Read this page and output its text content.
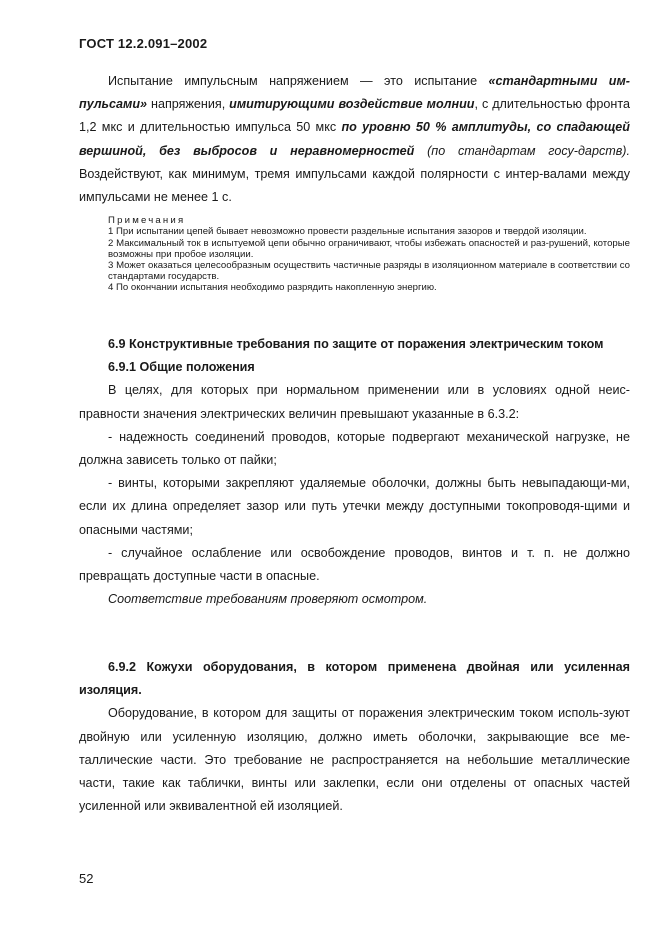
ГОСТ 12.2.091–2002

Испытание импульсным напряжением — это испытание «стандартными им-пульсами» напряжения, имитирующими воздействие молнии, с длительностью фронта 1,2 мкс и длительностью импульса 50 мкс по уровню 50 % амплитуды, со спадающей вершиной, без выбросов и неравномерностей (по стандартам госу-дарств). Воздействуют, как минимум, тремя импульсами каждой полярности с интер-валами между импульсами не менее 1 с.

Примечания

1 При испытании цепей бывает невозможно провести раздельные испытания зазоров и твердой изоляции.

2 Максимальный ток в испытуемой цепи обычно ограничивают, чтобы избежать опасностей и раз-рушений, которые возможны при пробое изоляции.

3 Может оказаться целесообразным осуществить частичные разряды в изоляционном материале в соответствии со стандартами государств.

4 По окончании испытания необходимо разрядить накопленную энергию.

6.9 Конструктивные требования по защите от поражения электрическим током

6.9.1 Общие положения

В целях, для которых при нормальном применении или в условиях одной неис-правности значения электрических величин превышают указанные в 6.3.2:

- надежность соединений проводов, которые подвергают механической нагрузке, не должна зависеть только от пайки;

- винты, которыми закрепляют удаляемые оболочки, должны быть невыпадающи-ми, если их длина определяет зазор или путь утечки между доступными токопроводя-щими и опасными частями;

- случайное ослабление или освобождение проводов, винтов и т. п. не должно превращать доступные части в опасные.

Соответствие требованиям проверяют осмотром.

6.9.2 Кожухи оборудования, в котором применена двойная или усиленная изоляция.

Оборудование, в котором для защиты от поражения электрическим током исполь-зуют двойную или усиленную изоляцию, должно иметь оболочки, закрывающие все ме-таллические части. Это требование не распространяется на небольшие металлические части, такие как таблички, винты или заклепки, если они отделены от опасных частей усиленной или эквивалентной ей изоляцией.

52
